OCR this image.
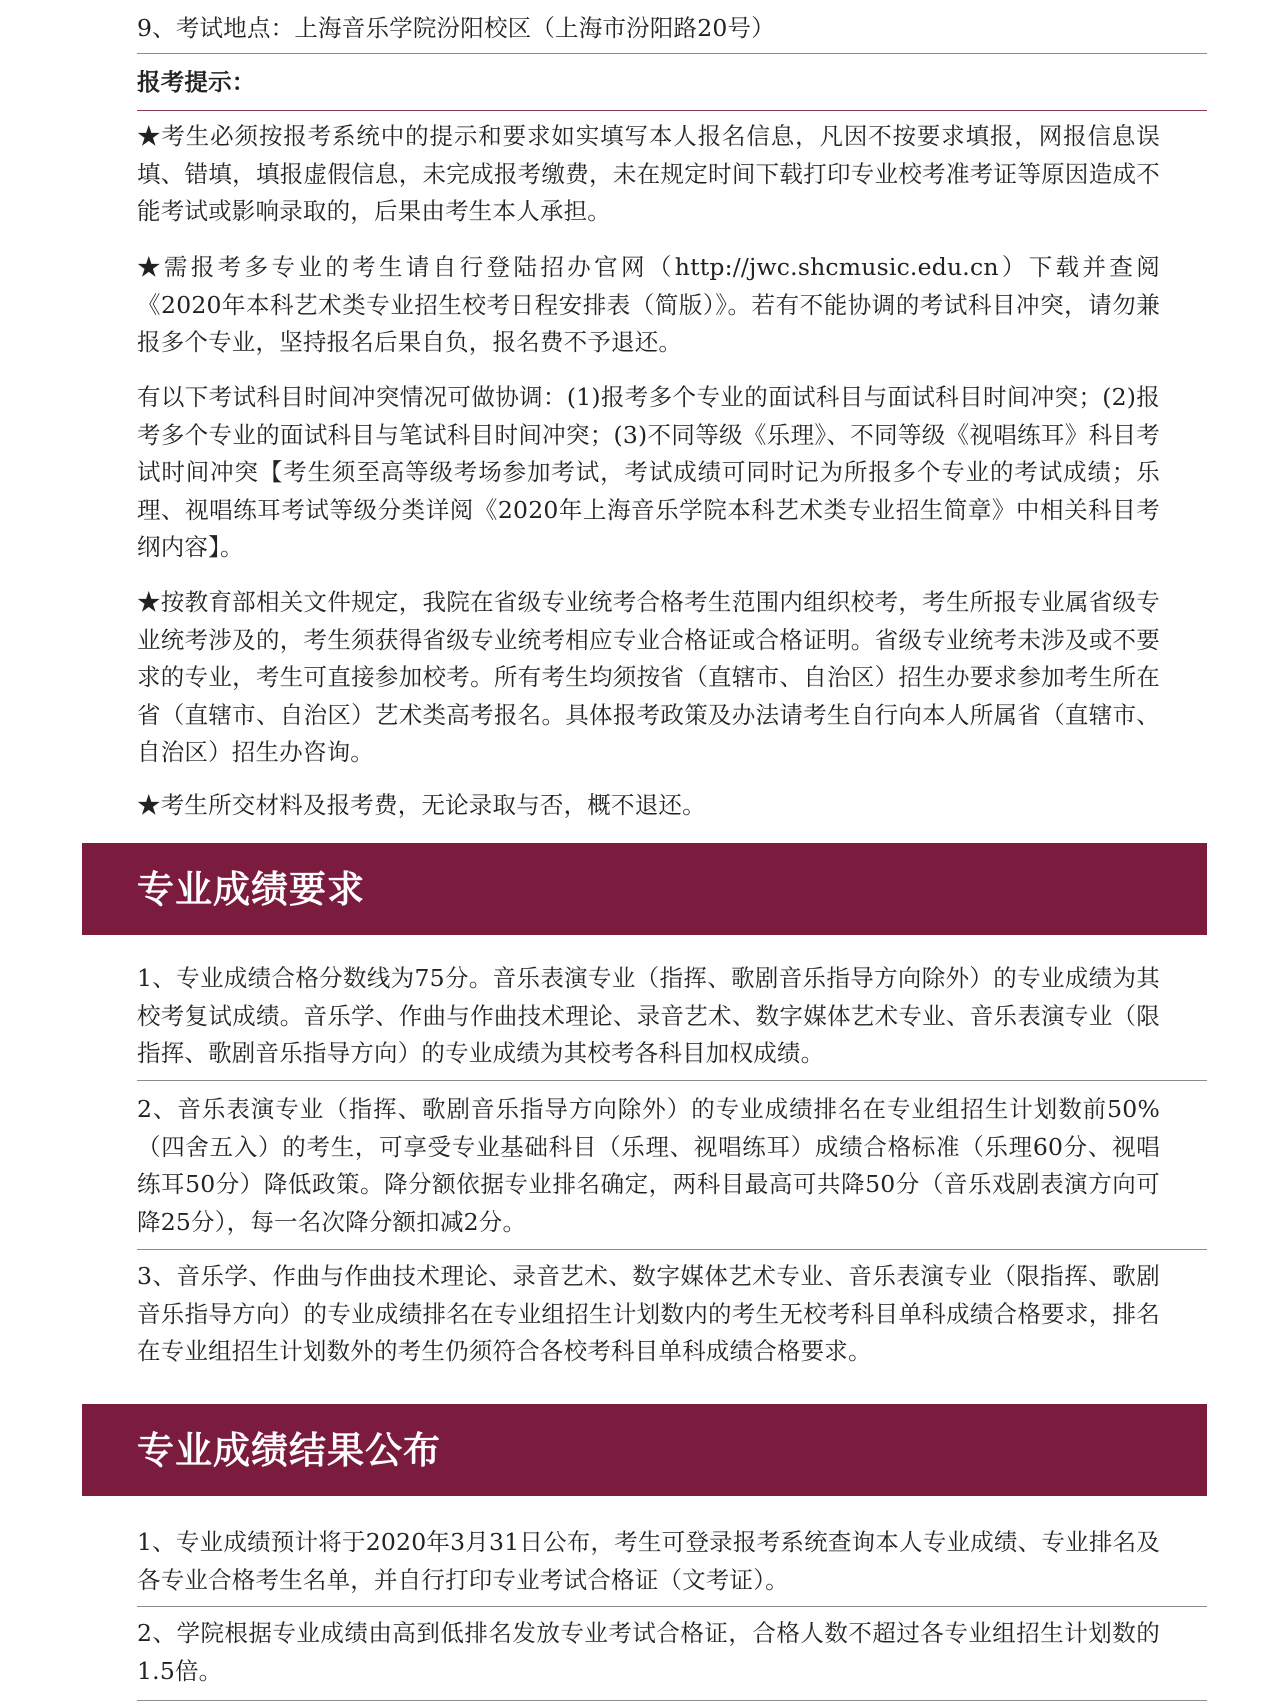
9、考试地点：上海音乐学院汾阳校区（上海市汾阳路20号）

报考提示：

★考生必须按报考系统中的提示和要求如实填写本人报名信息，凡因不按要求填报，网报信息误填、错填，填报虚假信息，未完成报考缴费，未在规定时间下载打印专业校考准考证等原因造成不能考试或影响录取的，后果由考生本人承担。

★需报考多专业的考生请自行登陆招办官网（http://jwc.shcmusic.edu.cn）下载并查阅《2020年本科艺术类专业招生校考日程安排表（简版）》。若有不能协调的考试科目冲突，请勿兼报多个专业，坚持报名后果自负，报名费不予退还。

有以下考试科目时间冲突情况可做协调：(1)报考多个专业的面试科目与面试科目时间冲突；(2)报考多个专业的面试科目与笔试科目时间冲突；(3)不同等级《乐理》、不同等级《视唱练耳》科目考试时间冲突【考生须至高等级考场参加考试，考试成绩可同时记为所报多个专业的考试成绩；乐理、视唱练耳考试等级分类详阅《2020年上海音乐学院本科艺术类专业招生简章》中相关科目考纲内容】。

★按教育部相关文件规定，我院在省级专业统考合格考生范围内组织校考，考生所报专业属省级专业统考涉及的，考生须获得省级专业统考相应专业合格证或合格证明。省级专业统考未涉及或不要求的专业，考生可直接参加校考。所有考生均须按省（直辖市、自治区）招生办要求参加考生所在省（直辖市、自治区）艺术类高考报名。具体报考政策及办法请考生自行向本人所属省（直辖市、自治区）招生办咨询。

★考生所交材料及报考费，无论录取与否，概不退还。

专业成绩要求

1、专业成绩合格分数线为75分。音乐表演专业（指挥、歌剧音乐指导方向除外）的专业成绩为其校考复试成绩。音乐学、作曲与作曲技术理论、录音艺术、数字媒体艺术专业、音乐表演专业（限指挥、歌剧音乐指导方向）的专业成绩为其校考各科目加权成绩。

2、音乐表演专业（指挥、歌剧音乐指导方向除外）的专业成绩排名在专业组招生计划数前50%（四舍五入）的考生，可享受专业基础科目（乐理、视唱练耳）成绩合格标准（乐理60分、视唱练耳50分）降低政策。降分额依据专业排名确定，两科目最高可共降50分（音乐戏剧表演方向可降25分），每一名次降分额扣减2分。

3、音乐学、作曲与作曲技术理论、录音艺术、数字媒体艺术专业、音乐表演专业（限指挥、歌剧音乐指导方向）的专业成绩排名在专业组招生计划数内的考生无校考科目单科成绩合格要求，排名在专业组招生计划数外的考生仍须符合各校考科目单科成绩合格要求。

专业成绩结果公布

1、专业成绩预计将于2020年3月31日公布，考生可登录报考系统查询本人专业成绩、专业排名及各专业合格考生名单，并自行打印专业考试合格证（文考证）。

2、学院根据专业成绩由高到低排名发放专业考试合格证，合格人数不超过各专业组招生计划数的1.5倍。
